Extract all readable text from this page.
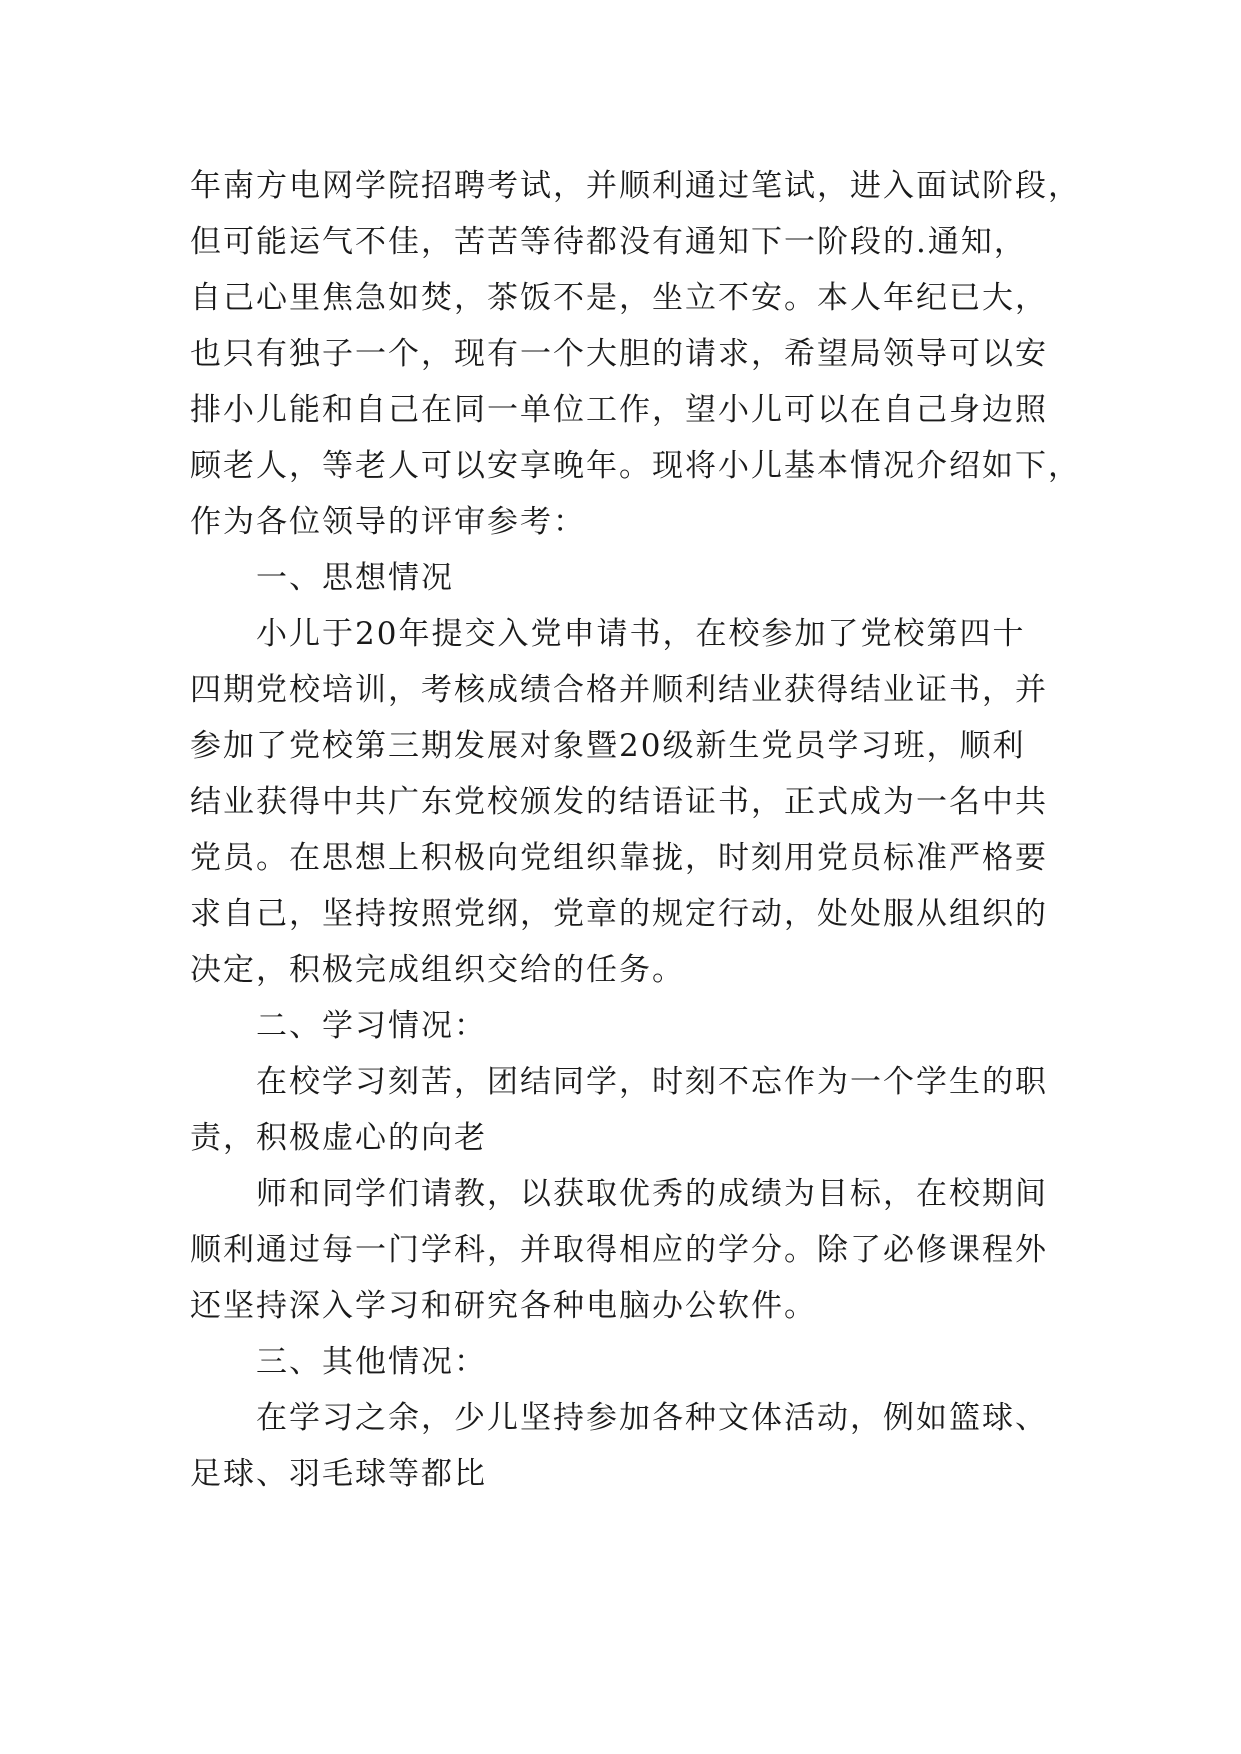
年南方电网学院招聘考试，并顺利通过笔试，进入面试阶段，
但可能运气不佳，苦苦等待都没有通知下一阶段的.通知，
自己心里焦急如焚，茶饭不是，坐立不安。本人年纪已大，
也只有独子一个，现有一个大胆的请求，希望局领导可以安
排小儿能和自己在同一单位工作，望小儿可以在自己身边照
顾老人，等老人可以安享晚年。现将小儿基本情况介绍如下，
作为各位领导的评审参考：
一、思想情况
小儿于20年提交入党申请书，在校参加了党校第四十
四期党校培训，考核成绩合格并顺利结业获得结业证书，并
参加了党校第三期发展对象暨20级新生党员学习班，顺利
结业获得中共广东党校颁发的结语证书，正式成为一名中共
党员。在思想上积极向党组织靠拢，时刻用党员标准严格要
求自己，坚持按照党纲，党章的规定行动，处处服从组织的
决定，积极完成组织交给的任务。
二、学习情况：
在校学习刻苦，团结同学，时刻不忘作为一个学生的职
责，积极虚心的向老
师和同学们请教，以获取优秀的成绩为目标，在校期间
顺利通过每一门学科，并取得相应的学分。除了必修课程外
还坚持深入学习和研究各种电脑办公软件。
三、其他情况：
在学习之余，少儿坚持参加各种文体活动，例如篮球、
足球、羽毛球等都比
